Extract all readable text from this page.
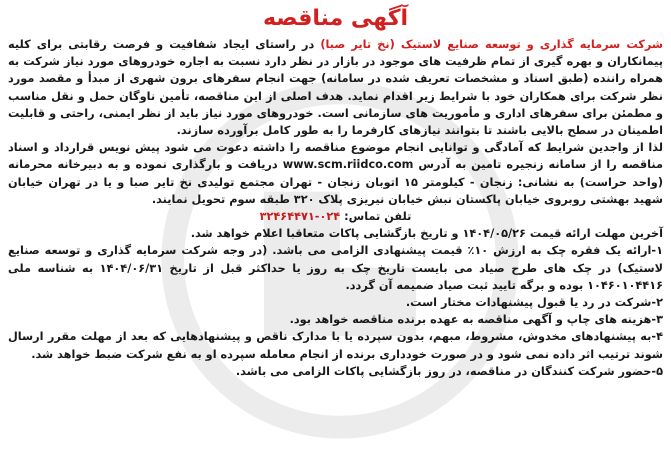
آگهی مناقصه

شرکت سرمایه گذاری و توسعه صنایع لاستیک (نخ تایر صبا) در راستای ایجاد شفافیت و فرصت رقابتی برای کلیه پیمانکاران و بهره گیری از تمام ظرفیت های موجود در بازار در نظر دارد نسبت به اجاره خودروهای مورد نیاز شرکت به همراه راننده (طبق اسناد و مشخصات تعریف شده در سامانه) جهت انجام سفرهای برون شهری از مبدأ و مقصد مورد نظر شرکت برای همکاران خود با شرایط زیر اقدام نماید. هدف اصلی از این مناقصه، تأمین ناوگان حمل و نقل مناسب و مطمئن برای سفرهای اداری و مأموریت های سازمانی است. خودروهای مورد نیاز باید از نظر ایمنی، راحتی و قابلیت اطمینان در سطح بالایی باشند تا بتوانند نیازهای کارفرما را به طور کامل برآورده سازند.

لذا از واجدین شرایط که آمادگی و توانایی انجام موضوع مناقصه را داشته دعوت می شود پیش نویس قرارداد و اسناد مناقصه را از سامانه زنجیره تامین به آدرس www.scm.riidco.com دریافت و بارگذاری نموده و به دبیرخانه محرمانه (واحد حراست) به نشانی: زنجان - کیلومتر ۱۵ اتوبان زنجان - تهران مجتمع تولیدی نخ تایر صبا و یا در تهران خیابان شهید بهشتی روبروی خیابان پاکستان نبش خیابان نیریزی پلاک ۳۲۰ طبقه سوم تحویل نمایند.

تلفن تماس: ۰۲۴-۳۲۴۶۴۴۷۱

آخرین مهلت ارائه قیمت ۱۴۰۴/۰۵/۲۶ و تاریخ بازگشایی پاکات متعاقبا اعلام خواهد شد.

۱-ارائه یک فقره چک به ارزش ۱۰٪ قیمت پیشنهادی الزامی می باشد. (در وجه شرکت سرمایه گذاری و توسعه صنایع لاستیک) در چک های طرح صیاد می بایست تاریخ چک به روز یا حداکثر قبل از تاریخ ۱۴۰۴/۰۶/۳۱ به شناسه ملی ۱۰۴۶۰۱۰۴۴۱۶ بوده و برگه تایید ثبت صیاد ضمیمه آن گردد.

۲-شرکت در رد یا قبول پیشنهادات مختار است.

۳-هزینه های چاپ و آگهی مناقصه به عهده برنده مناقصه خواهد بود.

۴-به پیشنهادهای مخدوش، مشروط، مبهم، بدون سپرده یا با مدارک ناقص و پیشنهادهایی که بعد از مهلت مقرر ارسال شوند ترتیب اثر داده نمی شود و در صورت خودداری برنده از انجام معامله سپرده او به نفع شرکت ضبط خواهد شد.

۵-حضور شرکت کنندگان در مناقصه، در روز بازگشایی پاکات الزامی می باشد.
